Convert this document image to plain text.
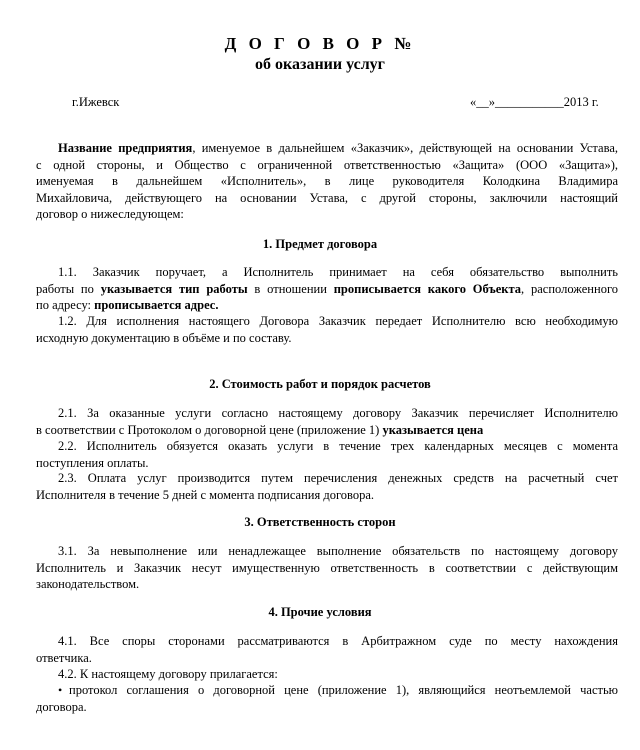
Д О Г О В О Р №
об оказании услуг
г.Ижевск	«__»___________2013 г.
Название предприятия, именуемое в дальнейшем «Заказчик», действующей на основании Устава,
с одной стороны, и Общество с ограниченной ответственностью «Защита» (ООО «Защита»),
именуемая в дальнейшем «Исполнитель», в лице руководителя Колодкина Владимира
Михайловича, действующего на основании Устава, с другой стороны, заключили настоящий
договор о нижеследующем:
1. Предмет договора
1.1. Заказчик поручает, а Исполнитель принимает на себя обязательство выполнить
работы по указывается тип работы в отношении прописывается какого Объекта, расположенного
по адресу: прописывается адрес.
1.2. Для исполнения настоящего Договора Заказчик передает Исполнителю всю необходимую
исходную документацию в объёме и по составу.
2. Стоимость работ и порядок расчетов
2.1. За оказанные услуги согласно настоящему договору Заказчик перечисляет Исполнителю
в соответствии с Протоколом о договорной цене (приложение 1) указывается цена
2.2. Исполнитель обязуется оказать услуги в течение трех календарных месяцев с момента
поступления оплаты.
2.3. Оплата услуг производится путем перечисления денежных средств на расчетный счет
Исполнителя в течение 5 дней с момента подписания договора.
3. Ответственность сторон
3.1. За невыполнение или ненадлежащее выполнение обязательств по настоящему договору
Исполнитель и Заказчик несут имущественную ответственность в соответствии с действующим
законодательством.
4. Прочие условия
4.1. Все споры сторонами рассматриваются в Арбитражном суде по месту нахождения
ответчика.
4.2. К настоящему договору прилагается:
• протокол соглашения о договорной цене (приложение 1), являющийся неотъемлемой частью
договора.
